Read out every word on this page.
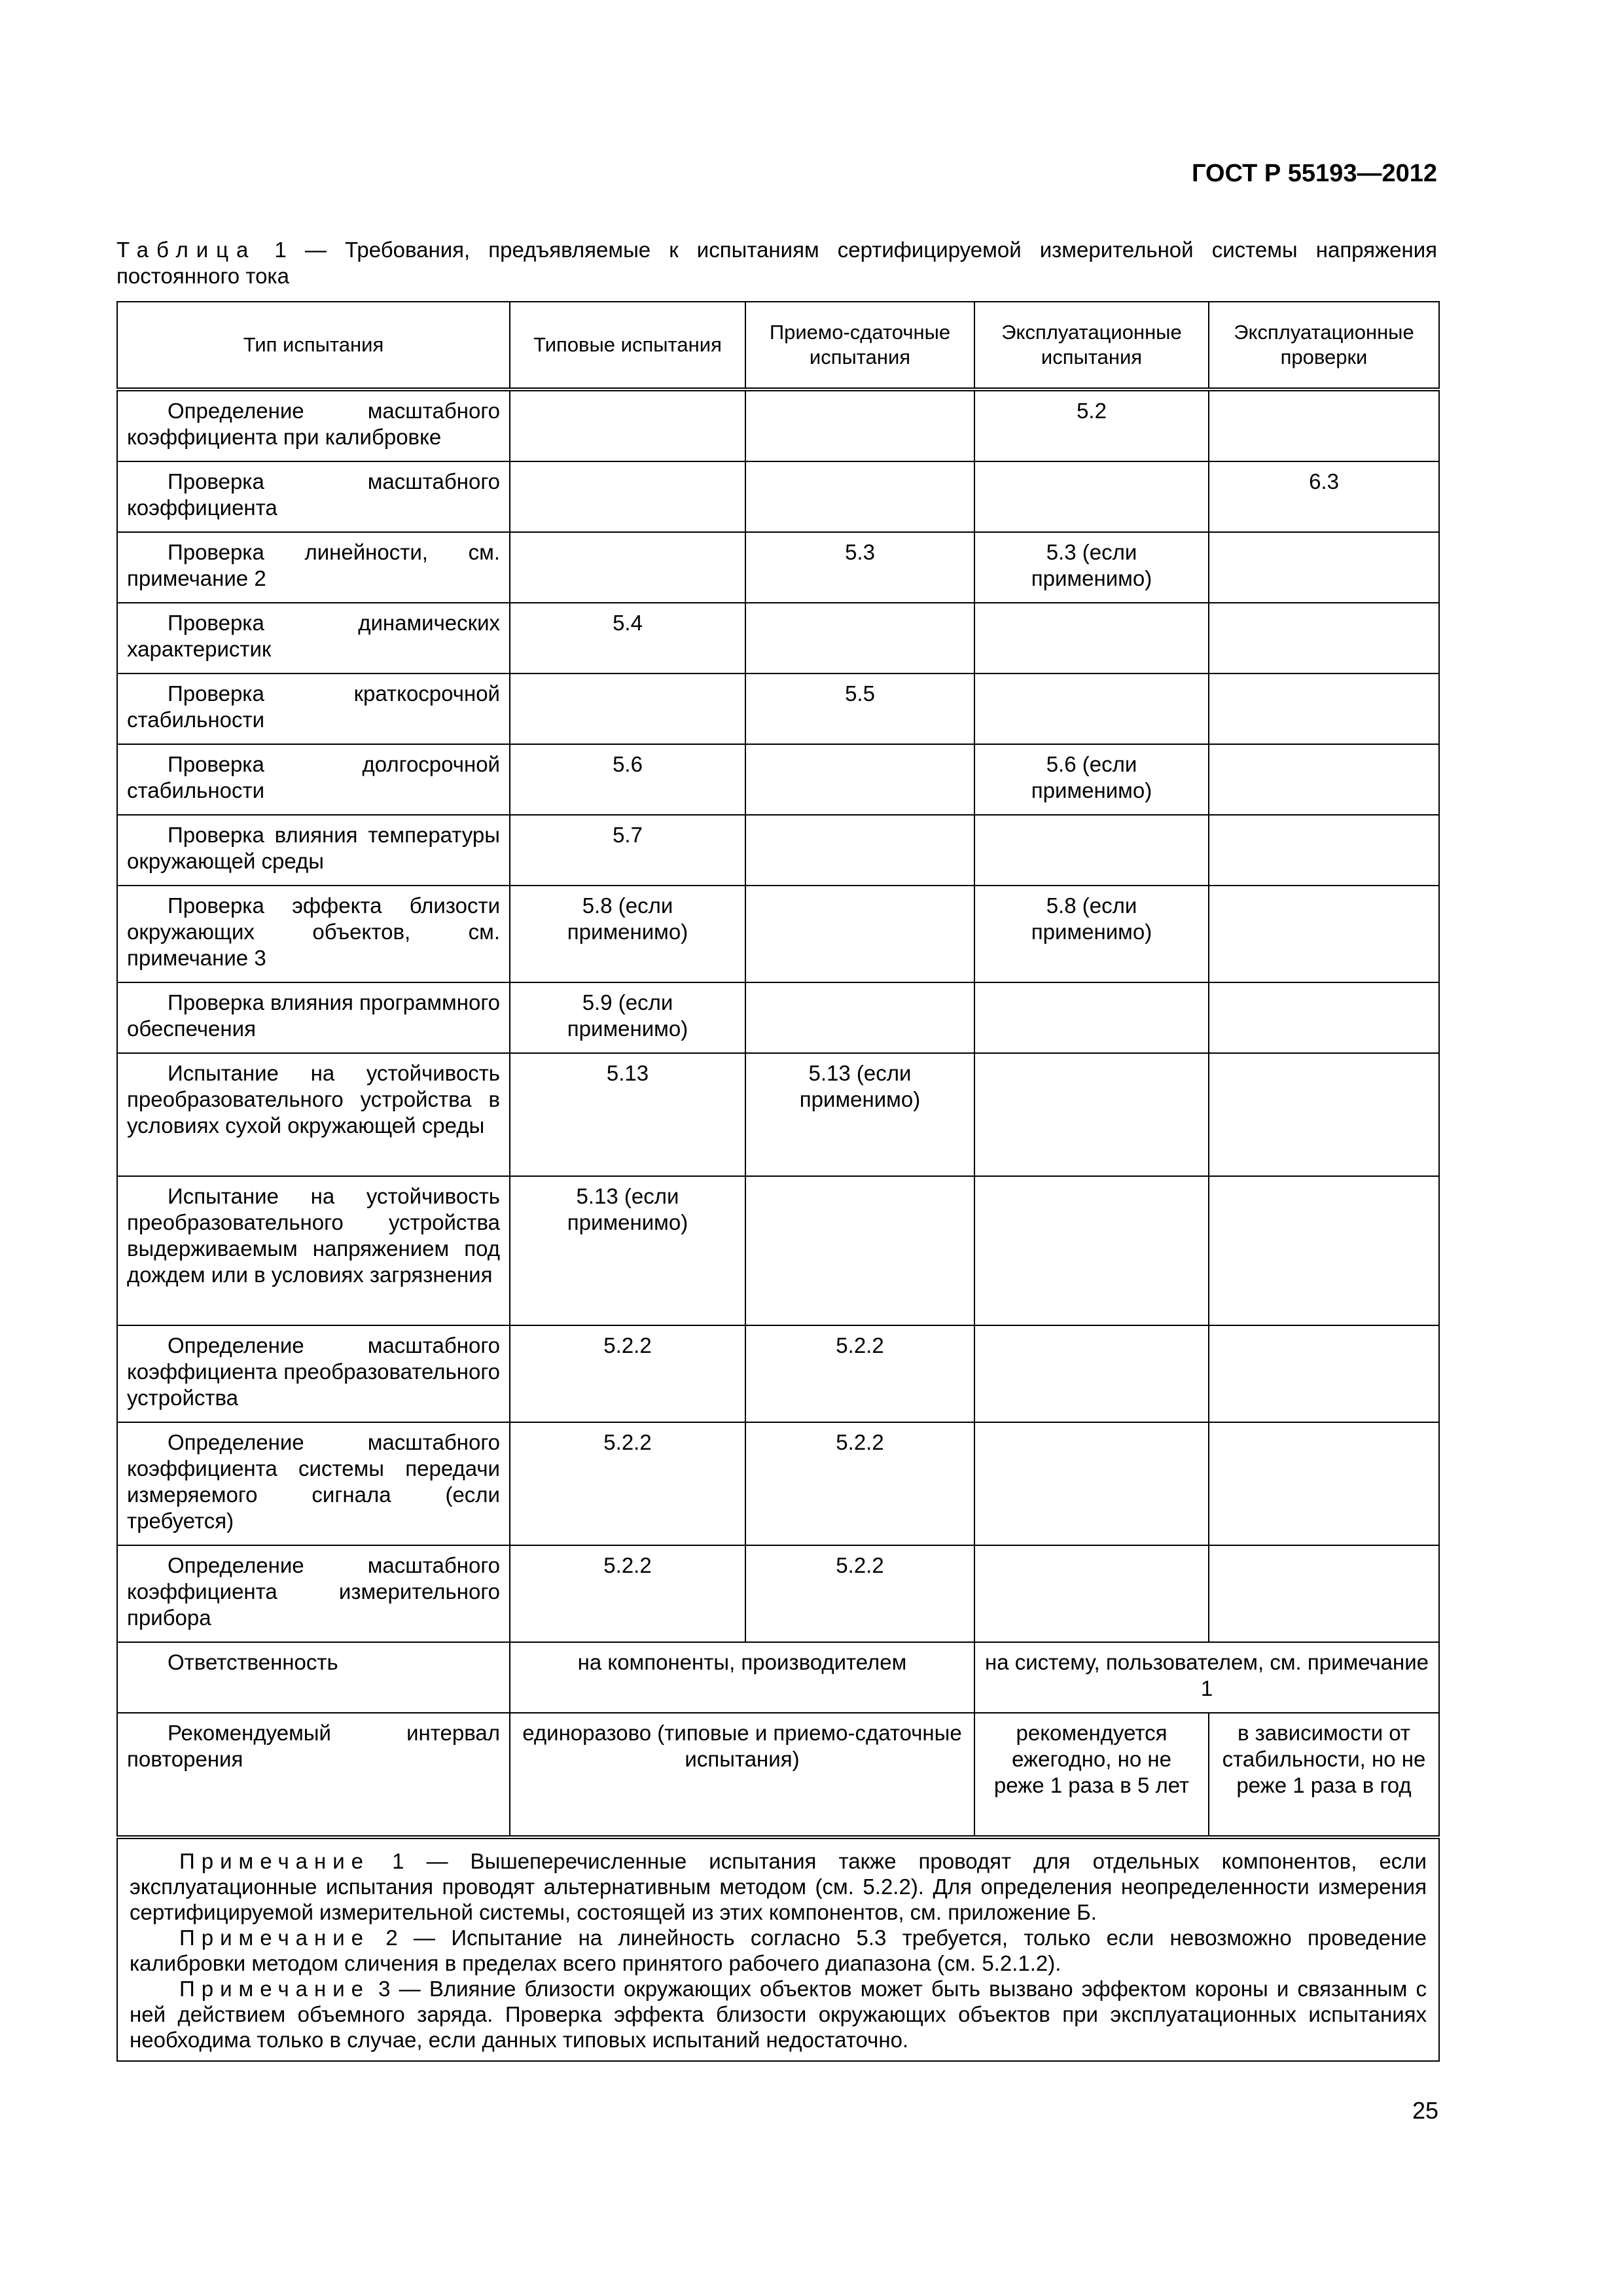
ГОСТ Р 55193—2012
Таблица 1 — Требования, предъявляемые к испытаниям сертифицируемой измерительной системы напряжения постоянного тока
Тип испытания	Типовые испытания	Приемо-сдаточные испытания	Эксплуатационные испытания	Эксплуатационные проверки
Определение масштабного коэффициента при калибровке			5.2	
Проверка масштабного коэффициента				6.3
Проверка линейности, см. примечание 2		5.3	5.3 (если применимо)	
Проверка динамических характеристик	5.4			
Проверка краткосрочной стабильности		5.5		
Проверка долгосрочной стабильности	5.6		5.6 (если применимо)	
Проверка влияния температуры окружающей среды	5.7			
Проверка эффекта близости окружающих объектов, см. примечание 3	5.8 (если применимо)		5.8 (если применимо)	
Проверка влияния программного обеспечения	5.9 (если применимо)			
Испытание на устойчивость преобразовательного устройства в условиях сухой окружающей среды	5.13	5.13 (если применимо)		
Испытание на устойчивость преобразовательного устройства выдерживаемым напряжением под дождем или в условиях загрязнения	5.13 (если применимо)			
Определение масштабного коэффициента преобразовательного устройства	5.2.2	5.2.2		
Определение масштабного коэффициента системы передачи измеряемого сигнала (если требуется)	5.2.2	5.2.2		
Определение масштабного коэффициента измерительного прибора	5.2.2	5.2.2		
Ответственность	на компоненты, производителем		на систему, пользователем, см. примечание 1	
Рекомендуемый интервал повторения	единоразово (типовые и приемо-сдаточные испытания)		рекомендуется ежегодно, но не реже 1 раза в 5 лет	в зависимости от стабильности, но не реже 1 раза в год

Примечание 1 — Вышеперечисленные испытания также проводят для отдельных компонентов, если эксплуатационные испытания проводят альтернативным методом (см. 5.2.2). Для определения неопределенности измерения сертифицируемой измерительной системы, состоящей из этих компонентов, см. приложение Б.

Примечание 2 — Испытание на линейность согласно 5.3 требуется, только если невозможно проведение калибровки методом сличения в пределах всего принятого рабочего диапазона (см. 5.2.1.2).

Примечание 3 — Влияние близости окружающих объектов может быть вызвано эффектом короны и связанным с ней действием объемного заряда. Проверка эффекта близости окружающих объектов при эксплуатационных испытаниях необходима только в случае, если данных типовых испытаний недостаточно.				

25
